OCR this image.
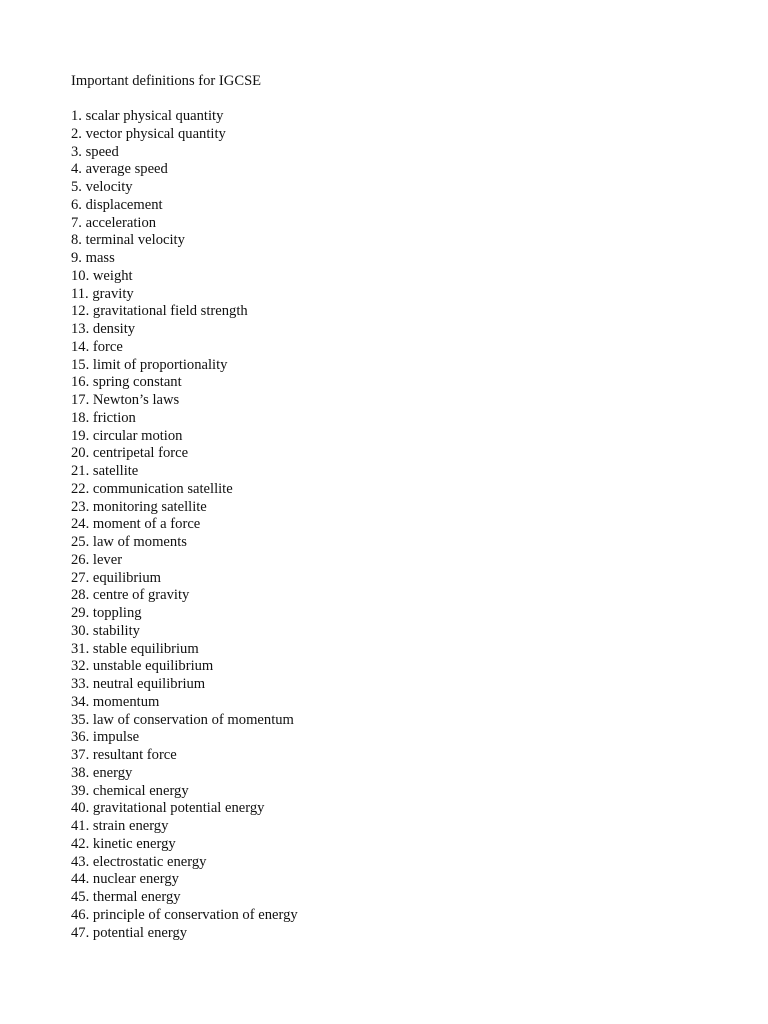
Important definitions for IGCSE
1. scalar physical quantity
2. vector physical quantity
3. speed
4. average speed
5. velocity
6. displacement
7. acceleration
8. terminal velocity
9. mass
10. weight
11. gravity
12. gravitational field strength
13. density
14. force
15. limit of proportionality
16. spring constant
17. Newton’s laws
18. friction
19. circular motion
20. centripetal force
21. satellite
22. communication satellite
23. monitoring satellite
24. moment of a force
25. law of moments
26. lever
27. equilibrium
28. centre of gravity
29. toppling
30. stability
31. stable equilibrium
32. unstable equilibrium
33. neutral equilibrium
34. momentum
35. law of conservation of momentum
36. impulse
37. resultant force
38. energy
39. chemical energy
40. gravitational potential energy
41. strain energy
42. kinetic energy
43. electrostatic energy
44. nuclear energy
45. thermal energy
46. principle of conservation of energy
47. potential energy
